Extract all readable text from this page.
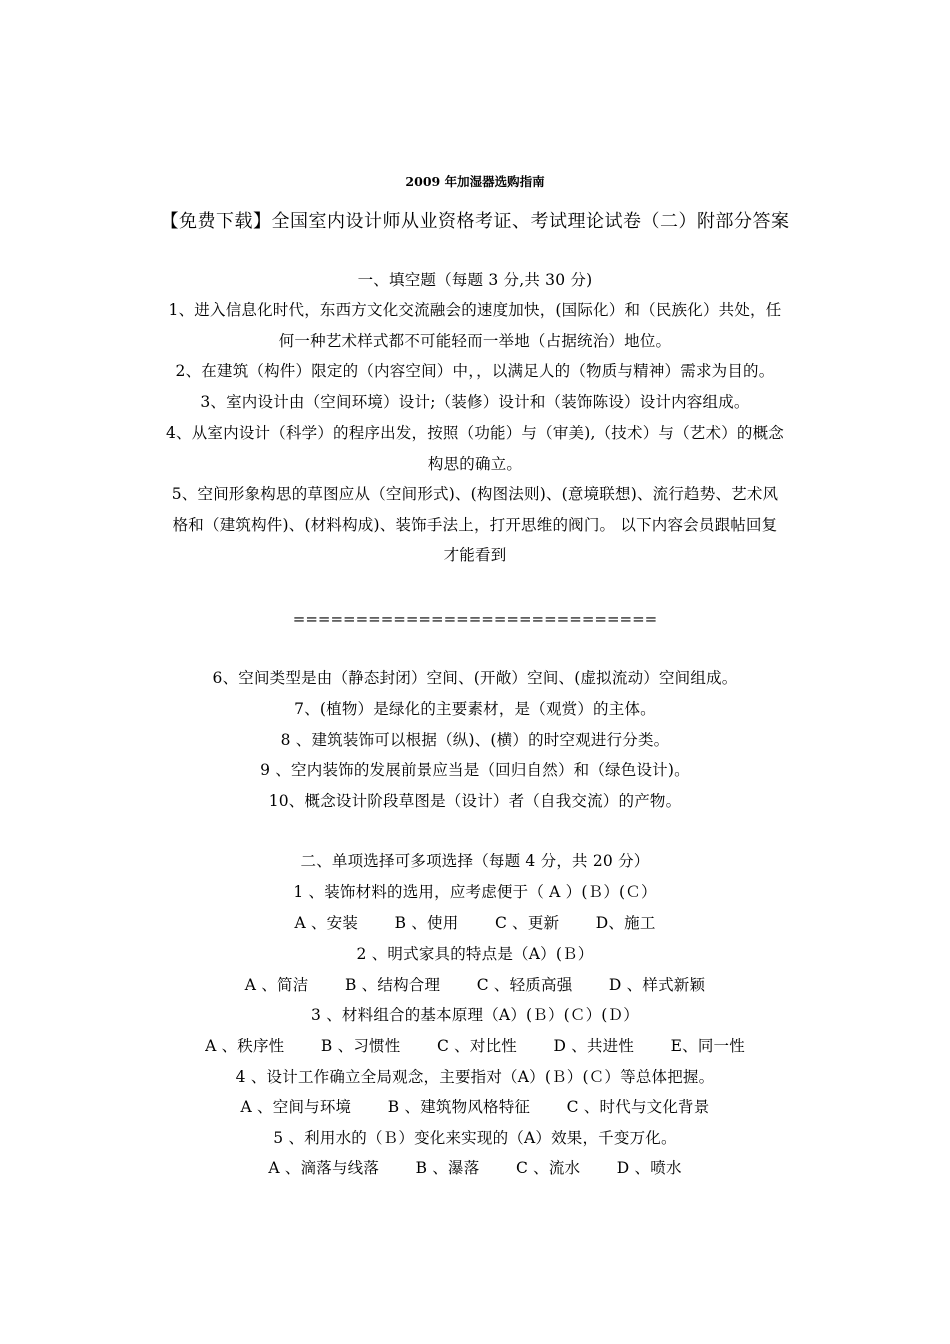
2009 年加湿器选购指南
【免费下载】全国室内设计师从业资格考证、考试理论试卷（二）附部分答案
一、填空题（每题 3 分,共 30 分)
1、进入信息化时代，东西方文化交流融会的速度加快，(国际化）和（民族化）共处，任
何一种艺术样式都不可能轻而一举地（占据统治）地位。
2、在建筑（构件）限定的（内容空间）中，，以满足人的（物质与精神）需求为目的。
3、室内设计由（空间环境）设计;（装修）设计和（装饰陈设）设计内容组成。
4、从室内设计（科学）的程序出发，按照（功能）与（审美),（技术）与（艺术）的概念
构思的确立。
5、空间形象构思的草图应从（空间形式)、(构图法则)、(意境联想)、流行趋势、艺术风
格和（建筑构件)、(材料构成)、装饰手法上，打开思维的阀门。 以下内容会员跟帖回复
才能看到
=============================
6、空间类型是由（静态封闭）空间、(开敞）空间、(虚拟流动）空间组成。
7、(植物）是绿化的主要素材，是（观赏）的主体。
8 、建筑装饰可以根据（纵)、(横）的时空观进行分类。
9 、空内装饰的发展前景应当是（回归自然）和（绿色设计)。
10、概念设计阶段草图是（设计）者（自我交流）的产物。
二、单项选择可多项选择（每题 4 分，共 20 分）
1 、装饰材料的选用，应考虑便于（ A ）(Ｂ）(Ｃ）
A 、安装   B 、使用   C 、更新   D、施工
2 、明式家具的特点是（A）(Ｂ）
A 、简洁   B 、结构合理   C 、轻质高强   D 、样式新颖
3 、材料组合的基本原理（A）(Ｂ）(Ｃ）(Ｄ）
A 、秩序性   B 、习惯性   C 、对比性   D 、共进性   E、同一性
4 、设计工作确立全局观念，主要指对（A）(Ｂ）(Ｃ）等总体把握。
A 、空间与环境   B 、建筑物风格特征   C 、时代与文化背景
5 、利用水的（Ｂ）变化来实现的（A）效果，千变万化。
A 、滴落与线落   B 、瀑落   C 、流水   D 、喷水
